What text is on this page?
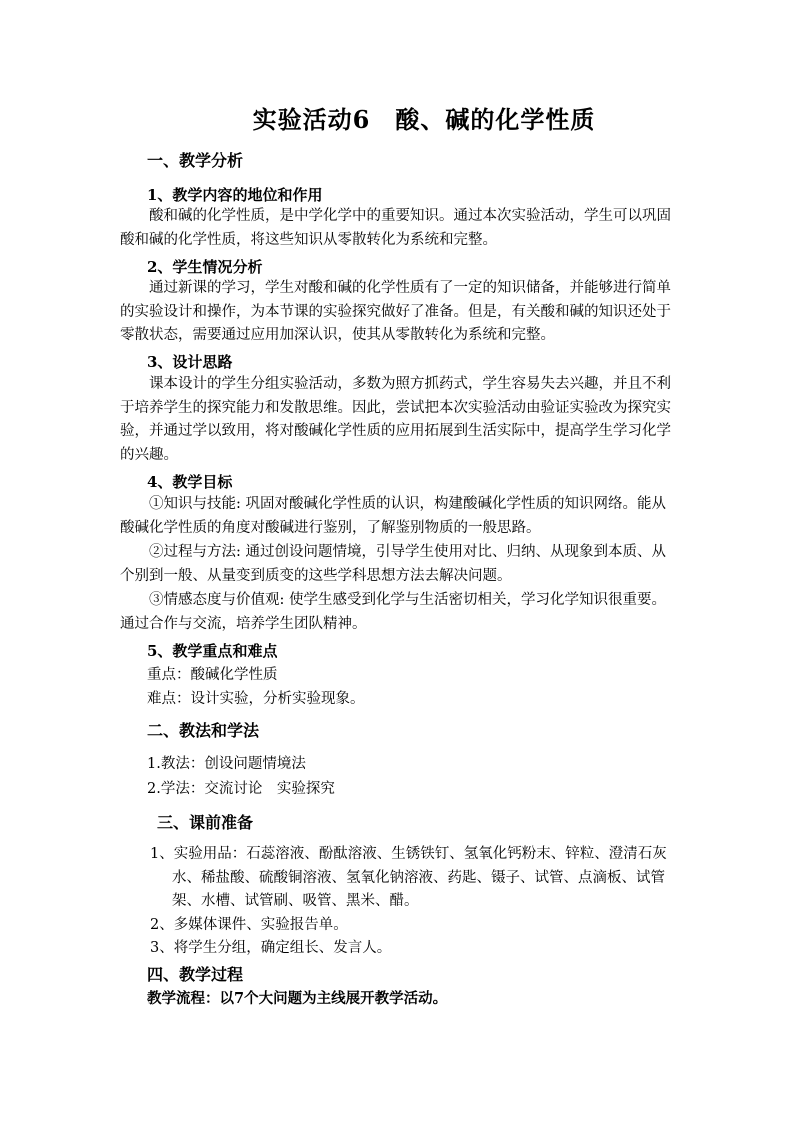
实验活动6　酸、碱的化学性质
一、教学分析
1、教学内容的地位和作用
酸和碱的化学性质，是中学化学中的重要知识。通过本次实验活动，学生可以巩固酸和碱的化学性质，将这些知识从零散转化为系统和完整。
2、学生情况分析
通过新课的学习，学生对酸和碱的化学性质有了一定的知识储备，并能够进行简单的实验设计和操作，为本节课的实验探究做好了准备。但是，有关酸和碱的知识还处于零散状态，需要通过应用加深认识，使其从零散转化为系统和完整。
3、设计思路
课本设计的学生分组实验活动，多数为照方抓药式，学生容易失去兴趣，并且不利于培养学生的探究能力和发散思维。因此，尝试把本次实验活动由验证实验改为探究实验，并通过学以致用，将对酸碱化学性质的应用拓展到生活实际中，提高学生学习化学的兴趣。
4、教学目标
①知识与技能: 巩固对酸碱化学性质的认识，构建酸碱化学性质的知识网络。能从酸碱化学性质的角度对酸碱进行鉴别，了解鉴别物质的一般思路。
②过程与方法: 通过创设问题情境，引导学生使用对比、归纳、从现象到本质、从个别到一般、从量变到质变的这些学科思想方法去解决问题。
③情感态度与价值观: 使学生感受到化学与生活密切相关，学习化学知识很重要。通过合作与交流，培养学生团队精神。
5、教学重点和难点
重点：酸碱化学性质
难点：设计实验，分析实验现象。
二、教法和学法
1.教法：创设问题情境法
2.学法：交流讨论　实验探究
三、课前准备
1、实验用品：石蕊溶液、酚酞溶液、生锈铁钉、氢氧化钙粉末、锌粒、澄清石灰水、稀盐酸、硫酸铜溶液、氢氧化钠溶液、药匙、镊子、试管、点滴板、试管架、水槽、试管刷、吸管、黑米、醋。
2、多媒体课件、实验报告单。
3、将学生分组，确定组长、发言人。
四、教学过程
教学流程：以7个大问题为主线展开教学活动。
